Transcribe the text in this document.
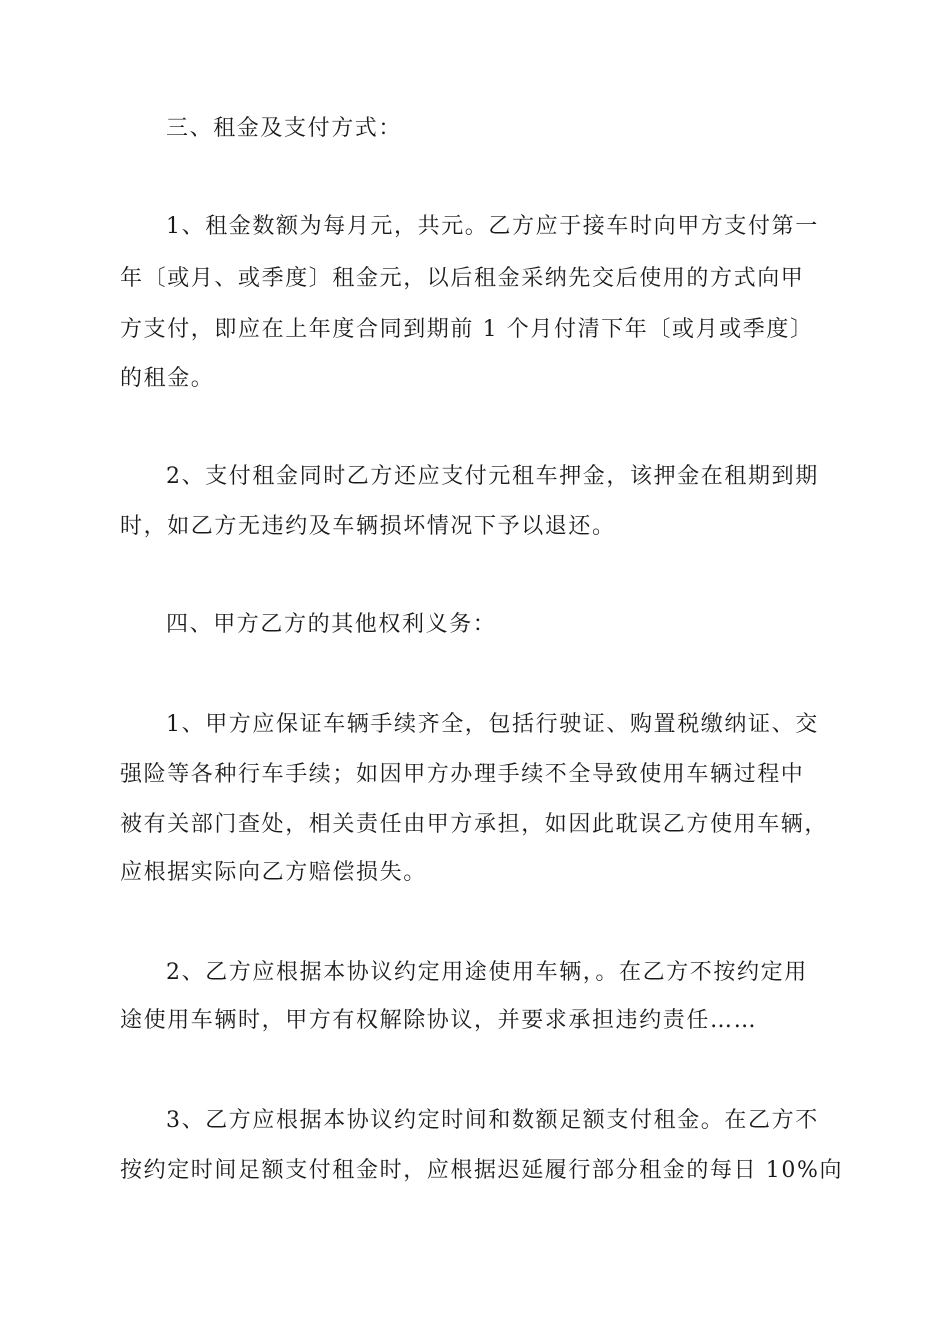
三、租金及支付方式：
1、租金数额为每月元，共元。乙方应于接车时向甲方支付第一
年〔或月、或季度〕租金元，以后租金采纳先交后使用的方式向甲
方支付，即应在上年度合同到期前 1 个月付清下年〔或月或季度〕
的租金。
2、支付租金同时乙方还应支付元租车押金，该押金在租期到期
时，如乙方无违约及车辆损坏情况下予以退还。
四、甲方乙方的其他权利义务：
1、甲方应保证车辆手续齐全，包括行驶证、购置税缴纳证、交
强险等各种行车手续；如因甲方办理手续不全导致使用车辆过程中
被有关部门查处，相关责任由甲方承担，如因此耽误乙方使用车辆，
应根据实际向乙方赔偿损失。
2、乙方应根据本协议约定用途使用车辆，。在乙方不按约定用
途使用车辆时，甲方有权解除协议，并要求承担违约责任……
3、乙方应根据本协议约定时间和数额足额支付租金。在乙方不
按约定时间足额支付租金时，应根据迟延履行部分租金的每日 10%向
